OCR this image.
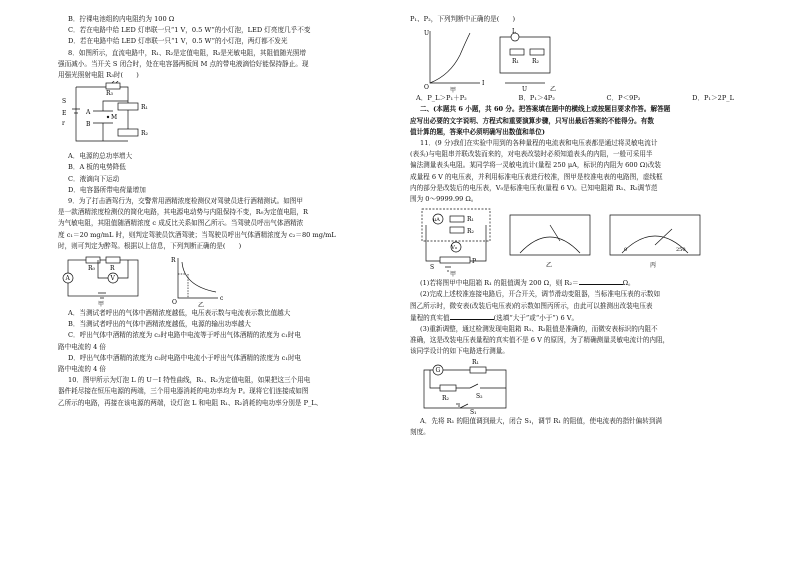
B．拧裸电池组的内电阻约为 100 Ω

C．若在电路中给 LED 灯串联一只“1 V，0.5 W”的小灯泡，LED 灯亮度几乎不变

D．若在电路中给 LED 灯串联一只“1 V，0.5 W”的小灯泡，两灯都不发光

8．如图所示，直流电路中，R₁、R₂是定值电阻，R₃是光敏电阻，其阻值随光照增

强而减小。当开关 S 闭合时，处在电容器两板间 M 点的带电液滴恰好能保持静止。现

用强光照射电阻 R₃时(　　)

S
E
r
R₁
R₂
R₃
A
B
M

A．电源的总功率增大

B．A 板的电势降低

C．液滴向下运动

D．电容器所带电荷量增加

9．为了打击酒驾行为，交警常用酒精浓度检测仪对驾驶员进行酒精测试。如图甲

是一款酒精浓度检测仪的简化电路，其电源电动势与内阻保持不变，R₀为定值电阻，R

为气敏电阻，其阻值随酒精浓度 c 成反比关系如图乙所示。当驾驶员呼出气体酒精浓

度 c₁＝20 mg/mL 时，则判定驾驶员饮酒驾驶；当驾驶员呼出气体酒精浓度为 c₂＝80 mg/mL

时，则可判定为醉驾。根据以上信息，下列判断正确的是(　　)

A	V
R₀	R
甲
R
O
c
乙

A．当测试者呼出的气体中酒精浓度越低，电压表示数与电流表示数比值越大

B．当测试者呼出的气体中酒精浓度越低，电源的输出功率越大

C．呼出气体中酒精的浓度为 c₂时电路中电流等于呼出气体酒精的浓度为 c₁时电

路中电流的 4 倍

D．呼出气体中酒精的浓度为 c₂时电路中电流小于呼出气体酒精的浓度为 c₁时电

路中电流的 4 倍

10．图甲所示为灯泡 L 的 U－I 特性曲线，R₁、R₂为定值电阻，如果把这三个用电

器件耗尽接在恒压电源的两端，三个用电器消耗的电功率均为 P。现将它们连接成如图

乙所示的电路，再接在该电源的两端，设灯泡 L 和电阻 R₁、R₂消耗的电功率分别是 P_L、

P₁、P₂，下列判断中正确的是(　　)

U
O
I
甲
L
R₁ R₂
U	乙
A．P_L＞P₁＋P₂	B．P₁＞4P₂	C．P＜9P₂	D．P₁＞2P_L

二、(本题共 6 小题，共 60 分。把答案填在题中的横线上或按题目要求作答。解答题

应写出必要的文字说明、方程式和重要演算步骤，只写出最后答案的不能得分。有数

值计算的题，答案中必须明确写出数值和单位)

11．(9 分)我们在实验中用到的各种量程的电流表和电压表都是通过将灵敏电流计

(表头)与电阻串并联改装而来的，对电表改装时必须知道表头的内阻，一般可采用半

偏法测量表头电阻。某同学将一灵敏电流计(量程 250 μA，标识的内阻为 600 Ω)改装

成量程 6 V 的电压表，并利用标准电压表进行校准，图甲是校准电表的电路图，虚线框

内的部分是改装后的电压表，V₀是标准电压表(量程 6 V)。已知电阻箱 R₁、R₂调节范

围为 0～9999.99 Ω。

μA	R₁
R₂
V₀
P
S
甲
乙	丙
0	250

(1)若将图甲中电阻箱 R₁ 的阻值调为 200 Ω，则 R₂＝	Ω。

(2)完成上述校准连接电路后，开合开关，调节滑动变阻器，当标准电压表的示数如

图乙所示时，微安表(改装后电压表)的示数如图丙所示，由此可以推测出改装电压表

量程的真实值	(选填“大于”或“小于”) 6 V。

(3)重新调整，通过检测发现电阻箱 R₁、R₂阻值是准确的，而微安表标识的内阻不

准确，这是改装电压表量程的真实值不是 6 V 的原因，为了精确测量灵敏电流计的内阻，

该同学设计的如下电路进行测量。

G
R₁
R₂	S₂
S₁

A．先将 R₁ 的阻值调到最大，闭合 S₁，调节 R₁ 的阻值，使电流表的指针偏转到满

刻度。
